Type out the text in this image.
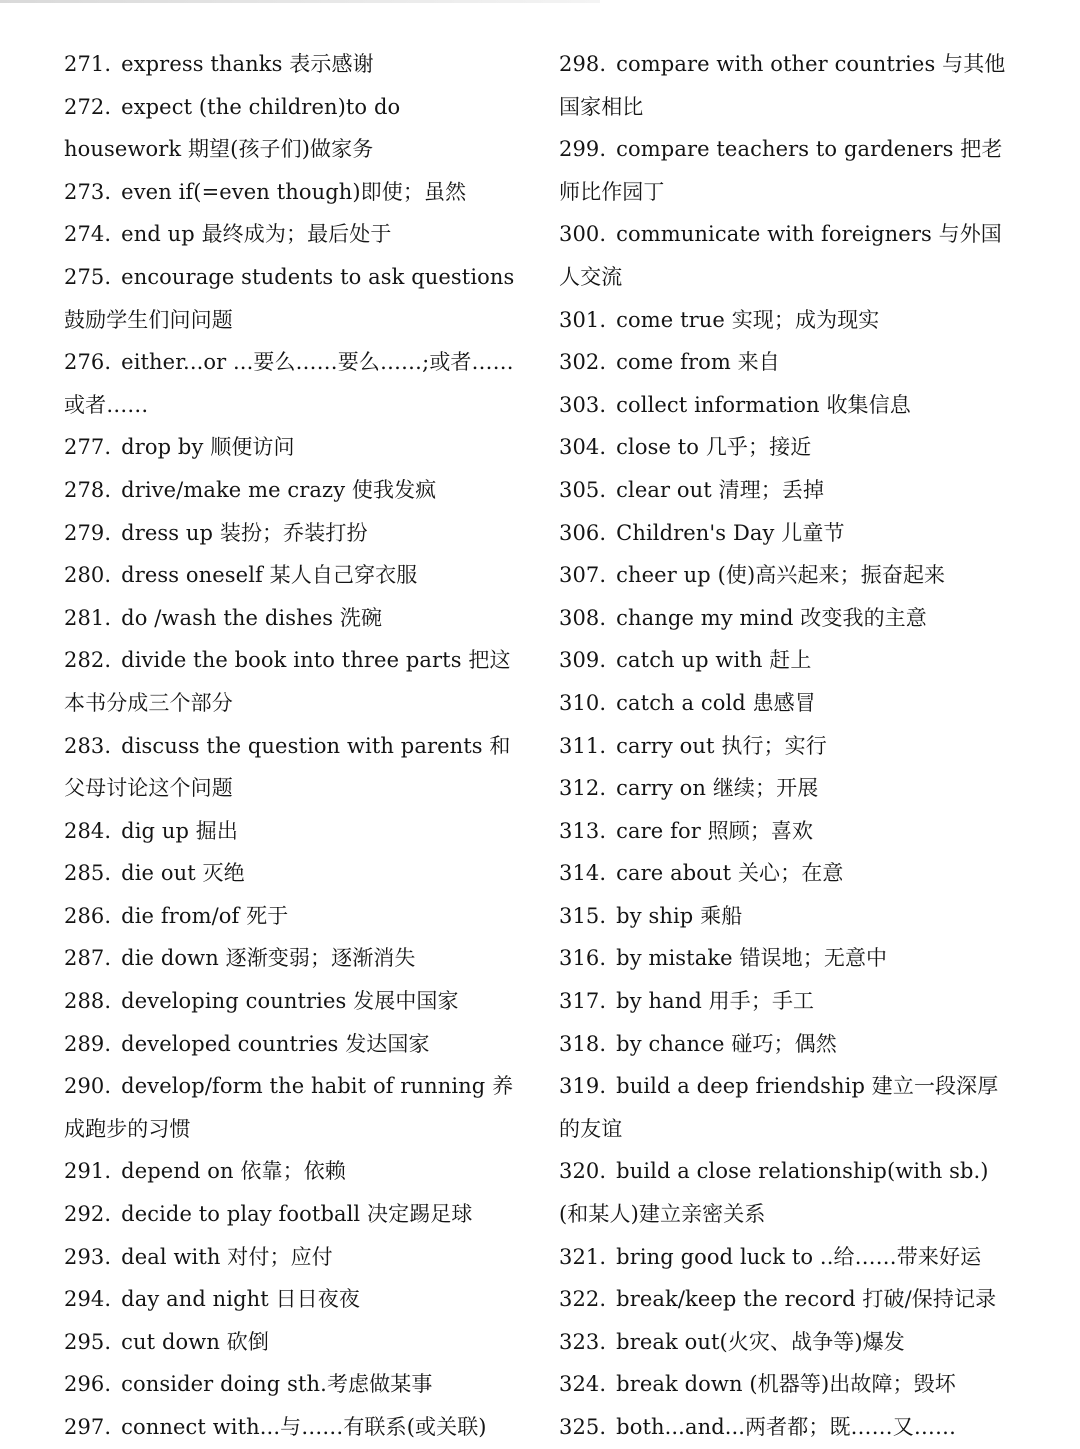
271. express thanks 表示感谢
272. expect (the children)to do housework 期望(孩子们)做家务
273. even if(=even though)即使；虽然
274. end up 最终成为；最后处于
275. encourage students to ask questions 鼓励学生们问问题
276. either...or ...要么……要么……;或者……或者……
277. drop by 顺便访问
278. drive/make me crazy 使我发疯
279. dress up 装扮；乔装打扮
280. dress oneself 某人自己穿衣服
281. do /wash the dishes 洗碗
282. divide the book into three parts 把这本书分成三个部分
283. discuss the question with parents 和父母讨论这个问题
284. dig up 掘出
285. die out 灭绝
286. die from/of 死于
287. die down 逐渐变弱；逐渐消失
288. developing countries 发展中国家
289. developed countries 发达国家
290. develop/form the habit of running 养成跑步的习惯
291. depend on 依靠；依赖
292. decide to play football 决定踢足球
293. deal with 对付；应付
294. day and night 日日夜夜
295. cut down 砍倒
296. consider doing sth.考虑做某事
297. connect with...与……有联系(或关联)
298. compare with other countries 与其他国家相比
299. compare teachers to gardeners 把老师比作园丁
300. communicate with foreigners 与外国人交流
301. come true 实现；成为现实
302. come from 来自
303. collect information 收集信息
304. close to 几乎；接近
305. clear out 清理；丢掉
306. Children's Day 儿童节
307. cheer up (使)高兴起来；振奋起来
308. change my mind 改变我的主意
309. catch up with 赶上
310. catch a cold 患感冒
311. carry out 执行；实行
312. carry on 继续；开展
313. care for 照顾；喜欢
314. care about 关心；在意
315. by ship 乘船
316. by mistake 错误地；无意中
317. by hand 用手；手工
318. by chance 碰巧；偶然
319. build a deep friendship 建立一段深厚的友谊
320. build a close relationship(with sb.)(和某人)建立亲密关系
321. bring good luck to ..给……带来好运
322. break/keep the record 打破/保持记录
323. break out(火灾、战争等)爆发
324. break down (机器等)出故障；毁坏
325. both...and...两者都；既……又……
